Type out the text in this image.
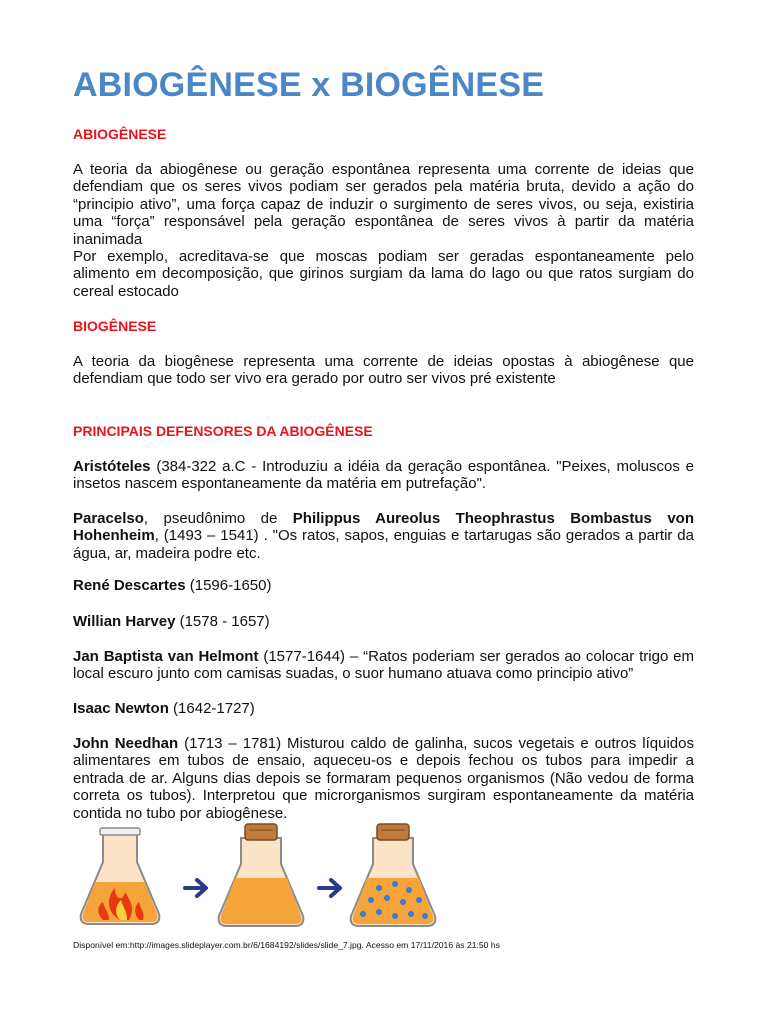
ABIOGÊNESE x BIOGÊNESE
ABIOGÊNESE
A teoria da abiogênese ou geração espontânea representa uma corrente de ideias que defendiam que os seres vivos podiam ser gerados pela matéria bruta, devido a ação do “principio ativo”, uma força capaz de induzir o surgimento de seres vivos, ou seja, existiria uma “força” responsável pela geração espontânea de seres vivos à partir da matéria inanimada
Por exemplo, acreditava-se que moscas podiam ser geradas espontaneamente pelo alimento em decomposição, que girinos surgiam da lama do lago ou que ratos surgiam do cereal estocado
BIOGÊNESE
A teoria da biogênese representa uma corrente de ideias opostas à abiogênese que defendiam que todo ser vivo era gerado por outro ser vivos pré existente
PRINCIPAIS DEFENSORES DA ABIOGÊNESE
Aristóteles (384-322 a.C - Introduziu a idéia da geração espontânea. "Peixes, moluscos e insetos nascem espontaneamente da matéria em putrefação".
Paracelso, pseudônimo de Philippus Aureolus Theophrastus Bombastus von Hohenheim, (1493 – 1541) . "Os ratos, sapos, enguias e tartarugas são gerados a partir da água, ar, madeira podre etc.
René Descartes (1596-1650)
Willian Harvey (1578 - 1657)
Jan Baptista van Helmont (1577-1644) – “Ratos poderiam ser gerados ao colocar trigo em local escuro junto com camisas suadas, o suor humano atuava como principio ativo”
Isaac Newton (1642-1727)
John Needhan (1713 – 1781) Misturou caldo de galinha, sucos vegetais e outros líquidos alimentares em tubos de ensaio, aqueceu-os e depois fechou os tubos para impedir a entrada de ar. Alguns dias depois se formaram pequenos organismos (Não vedou de forma correta os tubos). Interpretou que microrganismos surgiram espontaneamente da matéria contida no tubo por abiogênese.
Disponível em:http://images.slideplayer.com.br/6/1684192/slides/slide_7.jpg. Acesso em 17/11/2016 às 21:50 hs
